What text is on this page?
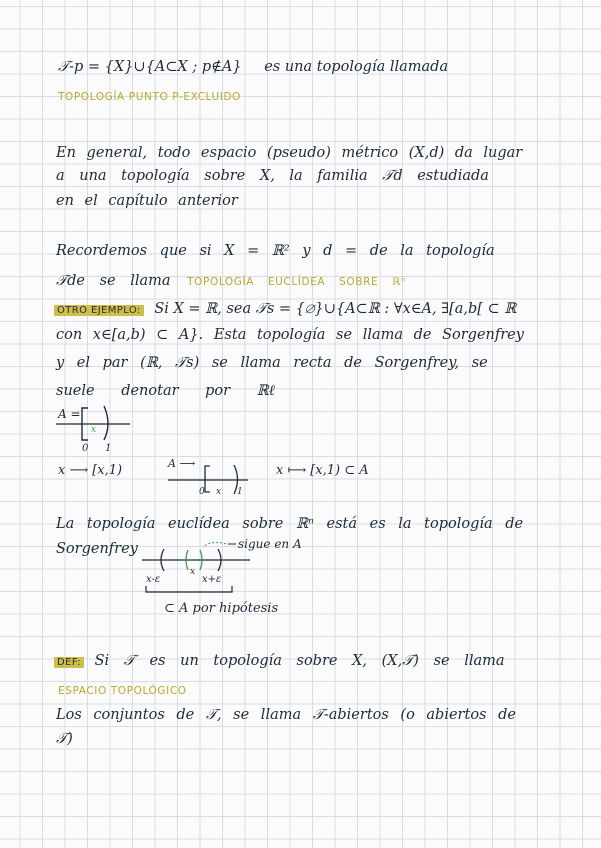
𝒯-p = {X}∪{A⊂X ; p∉A} es una topología llamada
TOPOLOGÍA PUNTO P-EXCLUIDO
En general, todo espacio (pseudo) métrico (X,d) da lugar
a una topología sobre X, la familia 𝒯d estudiada
en el capítulo anterior
Recordemos que si X = ℝ² y d = de la topología
𝒯de se llama TOPOLOGÍA EUCLÍDEA SOBRE ℝⁿ
OTRO EJEMPLO: Si X = ℝ, sea 𝒯s = {∅}∪{A⊂ℝ : ∀x∈A, ∃[a,b[ ⊂ ℝ
con x∈[a,b) ⊂ A}. Esta topología se llama de Sorgenfrey
y el par (ℝ, 𝒯s) se llama recta de Sorgenfrey, se
suele denotar por ℝℓ
A =
x
0 1
x ⟶ [x,1)	A ⟶
0 x 1
x ⟼ [x,1) ⊂ A
sigue en A
x
x-ε	x+ε
⊂ A por hipótesis
La topología euclídea sobre ℝⁿ está es la topología de
Sorgenfrey
DEF: Si 𝒯 es un topología sobre X, (X,𝒯) se llama
ESPACIO TOPOLÓGICO
Los conjuntos de 𝒯, se llama 𝒯-abiertos (o abiertos de
𝒯)
